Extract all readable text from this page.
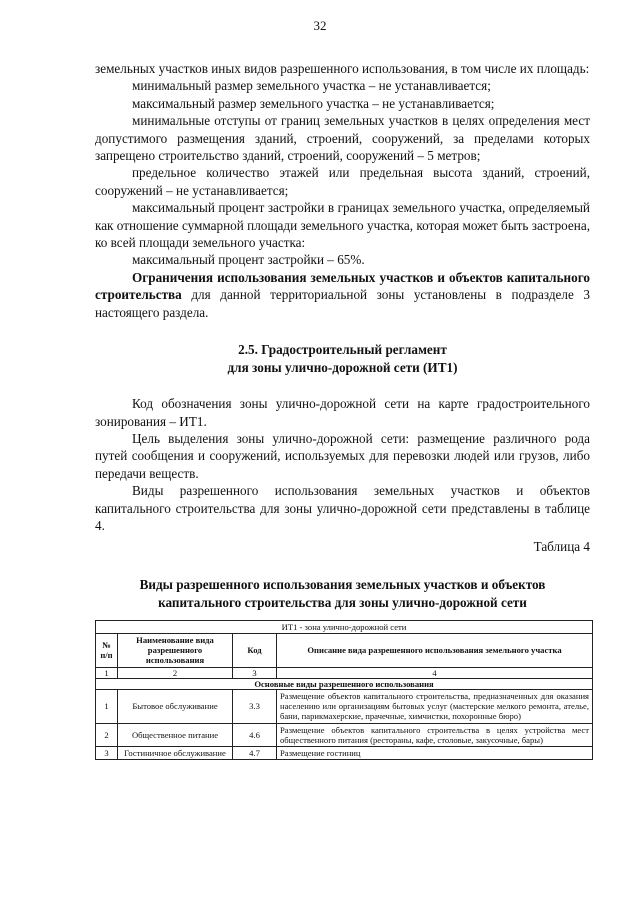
32

земельных участков иных видов разрешенного использования, в том числе их площадь:

минимальный размер земельного участка – не устанавливается;

максимальный размер земельного участка – не устанавливается;

минимальные отступы от границ земельных участков в целях определения мест допустимого размещения зданий, строений, сооружений, за пределами которых запрещено строительство зданий, строений, сооружений – 5 метров;

предельное количество этажей или предельная высота зданий, строений, сооружений – не устанавливается;

максимальный процент застройки в границах земельного участка, определяемый как отношение суммарной площади земельного участка, которая может быть застроена, ко всей площади земельного участка:

максимальный процент застройки – 65%.

Ограничения использования земельных участков и объектов капитального строительства для данной территориальной зоны установлены в подразделе 3 настоящего раздела.

2.5. Градостроительный регламент
для зоны улично-дорожной сети (ИТ1)

Код обозначения зоны улично-дорожной сети на карте градостроительного зонирования – ИТ1.

Цель выделения зоны улично-дорожной сети: размещение различного рода путей сообщения и сооружений, используемых для перевозки людей или грузов, либо передачи веществ.

Виды разрешенного использования земельных участков и объектов капитального строительства для зоны улично-дорожной сети представлены в таблице 4.

Таблица 4

Виды разрешенного использования земельных участков и объектов
капитального строительства для зоны улично-дорожной сети
ИТ1 - зона улично-дорожной сети			
№ п/п	Наименование вида разрешенного использования	Код	Описание вида разрешенного использования земельного участка
1	2	3	4
Основные виды разрешенного использования			
1	Бытовое обслуживание	3.3	Размещение объектов капитального строительства, предназначенных для оказания населению или организациям бытовых услуг (мастерские мелкого ремонта, ателье, бани, парикмахерские, прачечные, химчистки, похоронные бюро)
2	Общественное питание	4.6	Размещение объектов капитального строительства в целях устройства мест общественного питания (рестораны, кафе, столовые, закусочные, бары)
3	Гостиничное обслуживание	4.7	Размещение гостиниц
